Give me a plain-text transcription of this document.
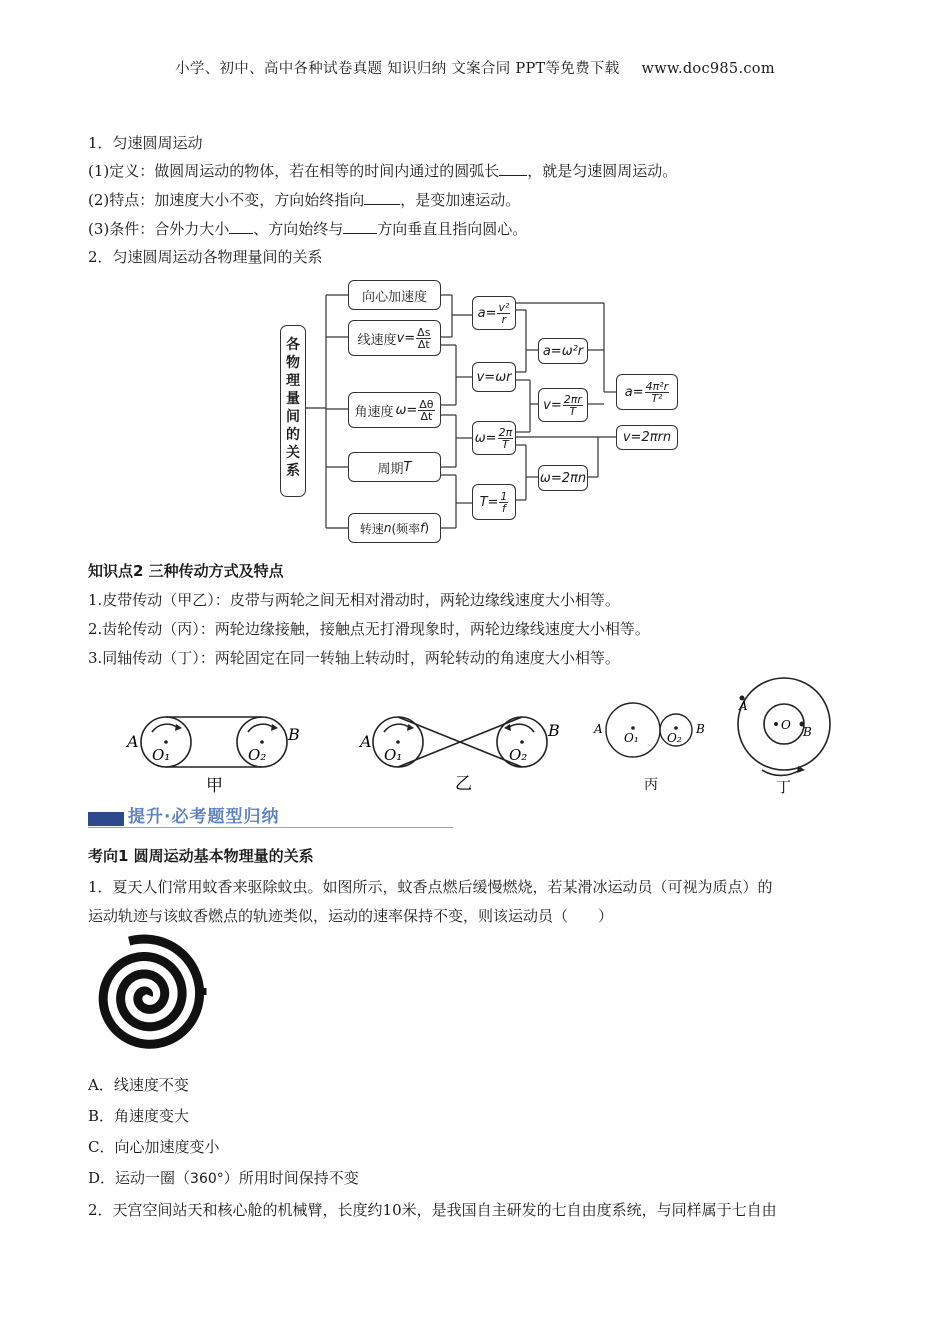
小学、初中、高中各种试卷真题 知识归纳 文案合同 PPT等免费下载 www.doc985.com
1．匀速圆周运动
(1)定义：做圆周运动的物体，若在相等的时间内通过的圆弧长 ，就是匀速圆周运动。
(2)特点：加速度大小不变，方向始终指向 ，是变加速运动。
(3)条件：合外力大小 、方向始终与 方向垂直且指向圆心。
2．匀速圆周运动各物理量间的关系
各
物
理
量
间
的
关
系
向心加速度
线速度 $v = \frac{\Delta s}{\Delta t}$
角速度 $\omega = \frac{\Delta\theta}{\Delta t}$
周期 T
转速 n (频率 f )
$a = \frac{\text{v²}}{r}$
v = ωr
$\omega = \frac{2\pi}{T}$
$T = \frac{1}{f}$
a = ω²r
$v = \frac{2\pi r}{T}$
ω = 2πn
$a = \frac{\text{4π²r}}{\text{T²}}$
v = 2πrn
知识点2 三种传动方式及特点
1.皮带传动（甲乙）：皮带与两轮之间无相对滑动时，两轮边缘线速度大小相等。
2.齿轮传动（丙）：两轮边缘接触，接触点无打滑现象时，两轮边缘线速度大小相等。
3.同轴传动（丁）：两轮固定在同一转轴上转动时，两轮转动的角速度大小相等。
A	B
O₁	O₂
甲
A
B
O₁	O₂
乙
A	B
O₁ O₂
丙
A
B
O
丁
提升·必考题型归纳
考向1 圆周运动基本物理量的关系
1．夏天人们常用蚊香来驱除蚊虫。如图所示，蚊香点燃后缓慢燃烧，若某滑冰运动员（可视为质点）的
运动轨迹与该蚊香燃点的轨迹类似，运动的速率保持不变，则该运动员（　　）
A．线速度不变
B．角速度变大
C．向心加速度变小
D．运动一圈（360°）所用时间保持不变
2．天宫空间站天和核心舱的机械臂，长度约10米，是我国自主研发的七自由度系统，与同样属于七自由
